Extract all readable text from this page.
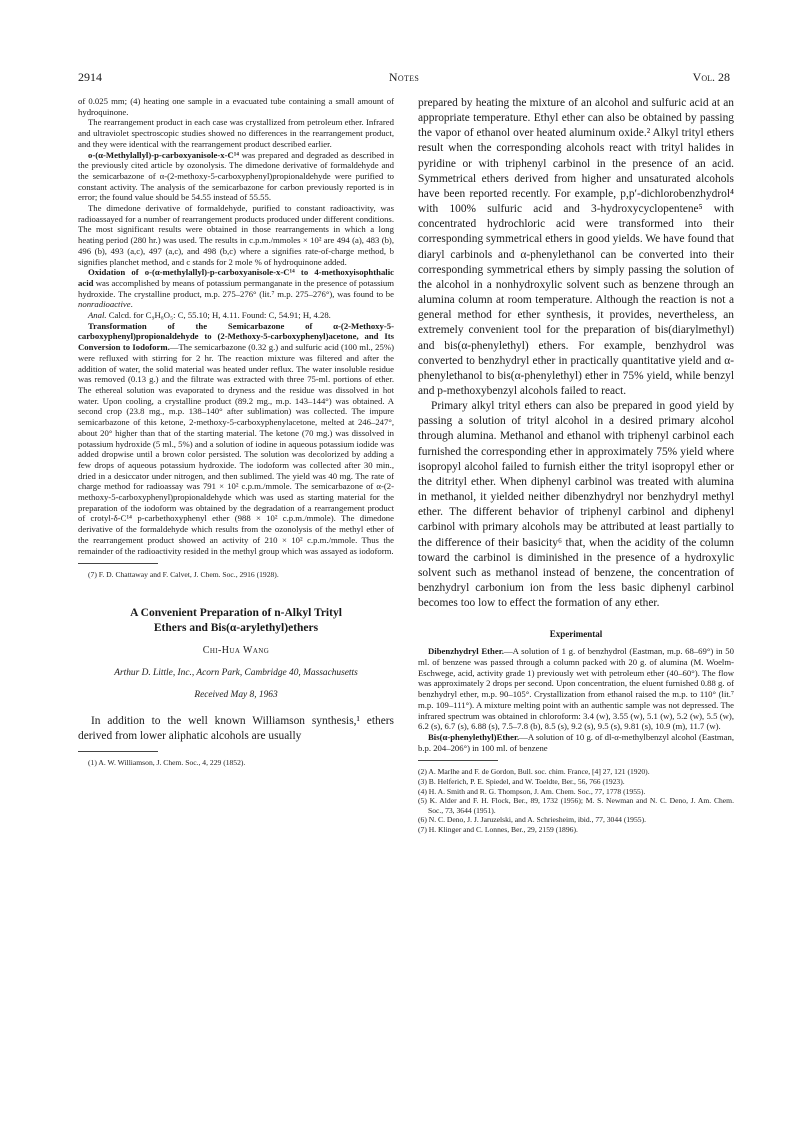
2914	Notes	Vol. 28

of 0.025 mm; (4) heating one sample in a evacuated tube containing a small amount of hydroquinone.

The rearrangement product in each case was crystallized from petroleum ether. Infrared and ultraviolet spectroscopic studies showed no differences in the rearrangement product, and they were identical with the rearrangement product described earlier.

o-(α-Methylallyl)-p-carboxyanisole-x-C¹⁴ was prepared and degraded as described in the previously cited article by ozonolysis. The dimedone derivative of formaldehyde and the semicarbazone of α-(2-methoxy-5-carboxyphenyl)propionaldehyde were purified to constant activity. The analysis of the semicarbazone for carbon previously reported is in error; the found value should be 54.55 instead of 55.55.

The dimedone derivative of formaldehyde, purified to constant radioactivity, was radioassayed for a number of rearrangement products produced under different conditions. The most significant results were obtained in those rearrangements in which a long heating period (280 hr.) was used. The results in c.p.m./mmoles × 10² are 494 (a), 483 (b), 496 (b), 493 (a,c), 497 (a,c), and 498 (b,c) where a signifies rate-of-charge method, b signifies planchet method, and c stands for 2 mole % of hydroquinone added.

Oxidation of o-(α-methylallyl)-p-carboxyanisole-x-C¹⁴ to 4-methoxyisophthalic acid was accomplished by means of potassium permanganate in the presence of potassium hydroxide. The crystalline product, m.p. 275–276° (lit.⁷ m.p. 275–276°), was found to be nonradioactive.

Anal. Calcd. for C₉H₈O₅: C, 55.10; H, 4.11. Found: C, 54.91; H, 4.28.

Transformation of the Semicarbazone of α-(2-Methoxy-5-carboxyphenyl)propionaldehyde to (2-Methoxy-5-carboxyphenyl)acetone, and Its Conversion to Iodoform.—The semicarbazone (0.32 g.) and sulfuric acid (100 ml., 25%) were refluxed with stirring for 2 hr. The reaction mixture was filtered and after the addition of water, the solid material was heated under reflux. The water insoluble residue was removed (0.13 g.) and the filtrate was extracted with three 75-ml. portions of ether. The ethereal solution was evaporated to dryness and the residue was dissolved in hot water. Upon cooling, a crystalline product (89.2 mg., m.p. 143–144°) was obtained. A second crop (23.8 mg., m.p. 138–140° after sublimation) was collected. The impure semicarbazone of this ketone, 2-methoxy-5-carboxyphenylacetone, melted at 246–247°, about 20° higher than that of the starting material. The ketone (70 mg.) was dissolved in potassium hydroxide (5 ml., 5%) and a solution of iodine in aqueous potassium iodide was added dropwise until a brown color persisted. The solution was decolorized by adding a few drops of aqueous potassium hydroxide. The iodoform was collected after 30 min., dried in a desiccator under nitrogen, and then sublimed. The yield was 40 mg. The rate of charge method for radioassay was 791 × 10² c.p.m./mmole. The semicarbazone of α-(2-methoxy-5-carboxyphenyl)propionaldehyde which was used as starting material for the preparation of the iodoform was obtained by the degradation of a rearrangement product of crotyl-δ-C¹⁴ p-carbethoxyphenyl ether (988 × 10² c.p.m./mmole). The dimedone derivative of the formaldehyde which results from the ozonolysis of the methyl ether of the rearrangement product showed an activity of 210 × 10² c.p.m./mmole. Thus the remainder of the radioactivity resided in the methyl group which was assayed as iodoform.

(7) F. D. Chattaway and F. Calvet, J. Chem. Soc., 2916 (1928).

A Convenient Preparation of n-Alkyl Trityl
Ethers and Bis(α-arylethyl)ethers
Chi-Hua Wang
Arthur D. Little, Inc., Acorn Park, Cambridge 40, Massachusetts
Received May 8, 1963

In addition to the well known Williamson synthesis,¹ ethers derived from lower aliphatic alcohols are usually

(1) A. W. Williamson, J. Chem. Soc., 4, 229 (1852).

prepared by heating the mixture of an alcohol and sulfuric acid at an appropriate temperature. Ethyl ether can also be obtained by passing the vapor of ethanol over heated aluminum oxide.² Alkyl trityl ethers result when the corresponding alcohols react with trityl halides in pyridine or with triphenyl carbinol in the presence of an acid. Symmetrical ethers derived from higher and unsaturated alcohols have been reported recently. For example, p,p′-dichlorobenzhydrol⁴ with 100% sulfuric acid and 3-hydroxycyclopentene⁵ with concentrated hydrochloric acid were transformed into their corresponding symmetrical ethers in good yields. We have found that diaryl carbinols and α-phenylethanol can be converted into their corresponding symmetrical ethers by simply passing the solution of the alcohol in a nonhydroxylic solvent such as benzene through an alumina column at room temperature. Although the reaction is not a general method for ether synthesis, it provides, nevertheless, an extremely convenient tool for the preparation of bis(diarylmethyl) and bis(α-phenylethyl) ethers. For example, benzhydrol was converted to benzhydryl ether in practically quantitative yield and α-phenylethanol to bis(α-phenylethyl) ether in 75% yield, while benzyl and p-methoxybenzyl alcohols failed to react.

Primary alkyl trityl ethers can also be prepared in good yield by passing a solution of trityl alcohol in a desired primary alcohol through alumina. Methanol and ethanol with triphenyl carbinol each furnished the corresponding ether in approximately 75% yield where isopropyl alcohol failed to furnish either the trityl isopropyl ether or the ditrityl ether. When diphenyl carbinol was treated with alumina in methanol, it yielded neither dibenzhydryl nor benzhydryl methyl ether. The different behavior of triphenyl carbinol and diphenyl carbinol with primary alcohols may be attributed at least partially to the difference of their basicity⁶ that, when the acidity of the column toward the carbinol is diminished in the presence of a hydroxylic solvent such as methanol instead of benzene, the concentration of benzhydryl carbonium ion from the less basic diphenyl carbinol becomes too low to effect the formation of any ether.

Experimental

Dibenzhydryl Ether.—A solution of 1 g. of benzhydrol (Eastman, m.p. 68–69°) in 50 ml. of benzene was passed through a column packed with 20 g. of alumina (M. Woelm-Eschwege, acid, activity grade 1) previously wet with petroleum ether (40–60°). The flow was approximately 2 drops per second. Upon concentration, the eluent furnished 0.88 g. of benzhydryl ether, m.p. 90–105°. Crystallization from ethanol raised the m.p. to 110° (lit.⁷ m.p. 109–111°). A mixture melting point with an authentic sample was not depressed. The infrared spectrum was obtained in chloroform: 3.4 (w), 3.55 (w), 5.1 (w), 5.2 (w), 5.5 (w), 6.2 (s), 6.7 (s), 6.88 (s), 7.5–7.8 (b), 8.5 (s), 9.2 (s), 9.5 (s), 9.81 (s), 10.9 (m), 11.7 (w).

Bis(α-phenylethyl)Ether.—A solution of 10 g. of dl-α-methylbenzyl alcohol (Eastman, b.p. 204–206°) in 100 ml. of benzene

(2) A. Marlhe and F. de Gordon, Bull. soc. chim. France, [4] 27, 121 (1920).

(3) B. Helferich, P. E. Spiedel, and W. Toeldte, Ber., 56, 766 (1923).

(4) H. A. Smith and R. G. Thompson, J. Am. Chem. Soc., 77, 1778 (1955).

(5) K. Alder and F. H. Flock, Ber., 89, 1732 (1956); M. S. Newman and N. C. Deno, J. Am. Chem. Soc., 73, 3644 (1951).

(6) N. C. Deno, J. J. Jaruzelski, and A. Schriesheim, ibid., 77, 3044 (1955).

(7) H. Klinger and C. Lonnes, Ber., 29, 2159 (1896).
